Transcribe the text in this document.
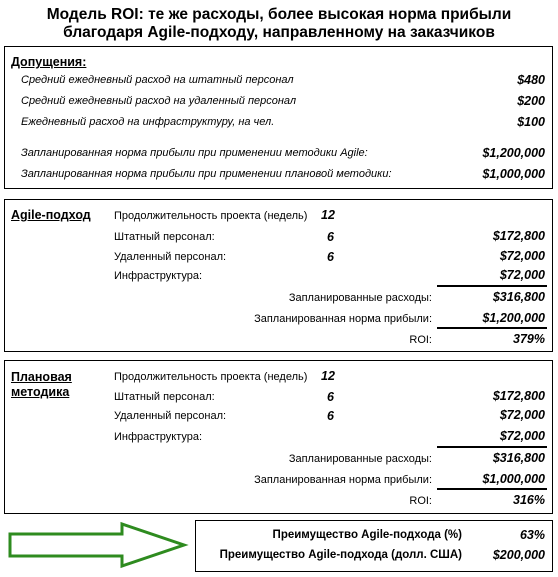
Модель ROI: те же расходы, более высокая норма прибыли
благодаря Agile-подходу, направленному на заказчиков
Допущения:
Средний ежедневный расход на штатный персонал	$480
Средний ежедневный расход на удаленный персонал	$200
Ежедневный расход на инфраструктуру, на чел.	$100
Запланированная норма прибыли при применении методики Agile:	$1,200,000
Запланированная норма прибыли при применении плановой методики:	$1,000,000
Agile-подход Продолжительность проекта (недель) 12
Штатный персонал:	6	$172,800
Удаленный персонал:	6	$72,000
Инфраструктура:	$72,000
Запланированные расходы:	$316,800
Запланированная норма прибыли:	$1,200,000
ROI:	379%
Плановая
методика
Продолжительность проекта (недель) 12
Штатный персонал:	6	$172,800
Удаленный персонал:	6	$72,000
Инфраструктура:	$72,000
Запланированные расходы:	$316,800
Запланированная норма прибыли:	$1,000,000
ROI:	316%
Преимущество Agile-подхода (%)	63%
Преимущество Agile-подхода (долл. США) $200,000
